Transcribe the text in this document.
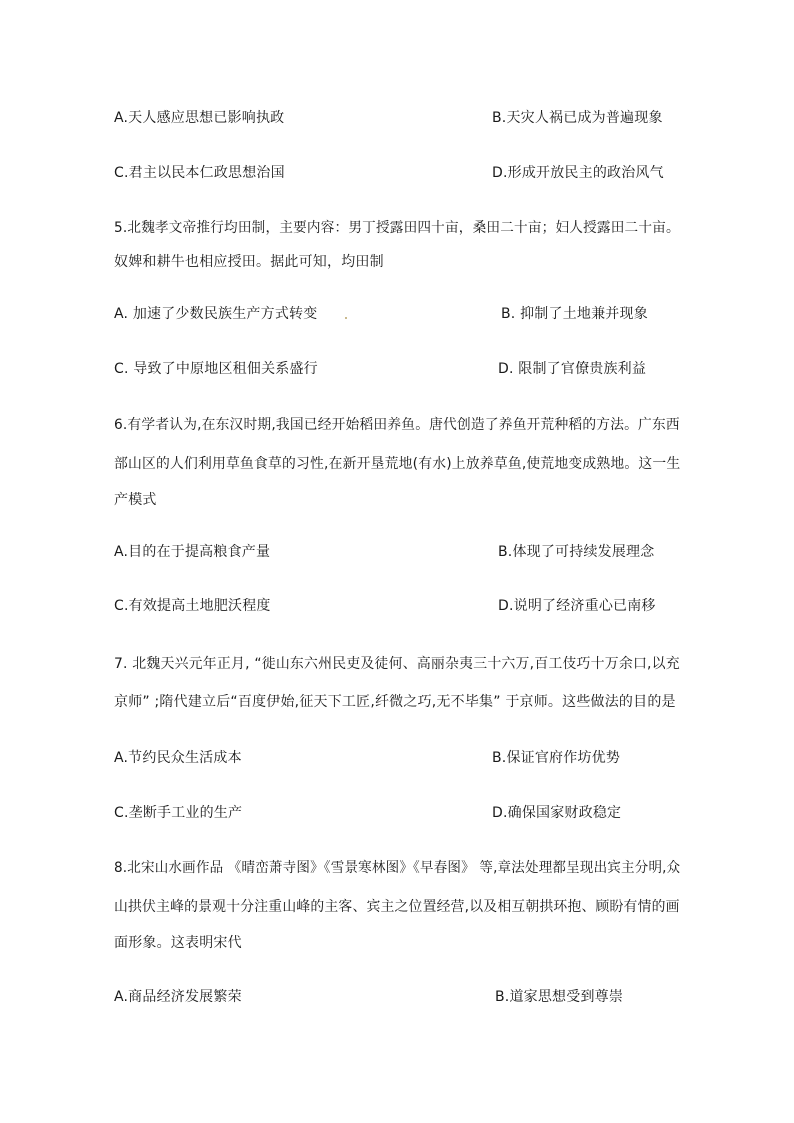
A.天人感应思想已影响执政	B.天灾人祸已成为普遍现象
C.君主以民本仁政思想治国	D.形成开放民主的政治风气
5.北魏孝文帝推行均田制，主要内容：男丁授露田四十亩，桑田二十亩；妇人授露田二十亩。
奴婢和耕牛也相应授田。据此可知，均田制
A. 加速了少数民族生产方式转变	B. 抑制了土地兼并现象
C. 导致了中原地区租佃关系盛行	D. 限制了官僚贵族利益
6.有学者认为,在东汉时期,我国已经开始稻田养鱼。唐代创造了养鱼开荒种稻的方法。广东西
部山区的人们利用草鱼食草的习性,在新开垦荒地(有水)上放养草鱼,使荒地变成熟地。这一生
产模式
A.目的在于提高粮食产量	B.体现了可持续发展理念
C.有效提高土地肥沃程度	D.说明了经济重心已南移
7. 北魏天兴元年正月, “徙山东六州民吏及徒何、高丽杂夷三十六万,百工伎巧十万余口,以充
京师” ;隋代建立后“百度伊始,征天下工匠,纤微之巧,无不毕集” 于京师。这些做法的目的是
A.节约民众生活成本	B.保证官府作坊优势
C.垄断手工业的生产	D.确保国家财政稳定
8.北宋山水画作品 《晴峦萧寺图》《雪景寒林图》《早春图》 等,章法处理都呈现出宾主分明,众
山拱伏主峰的景观十分注重山峰的主客、宾主之位置经营,以及相互朝拱环抱、顾盼有情的画
面形象。这表明宋代
A.商品经济发展繁荣	B.道家思想受到尊崇
